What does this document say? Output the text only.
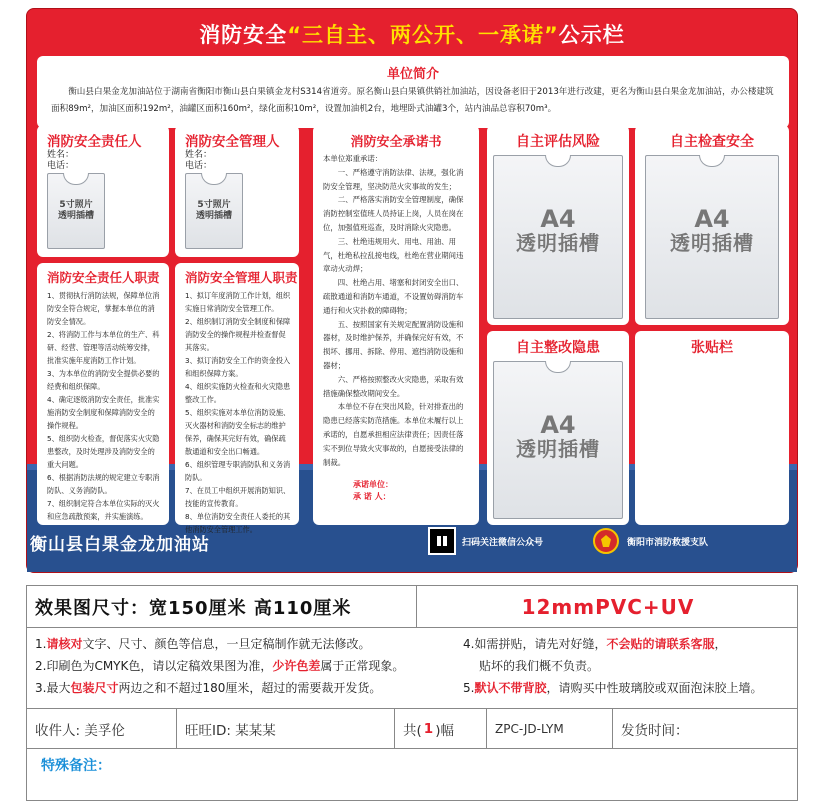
消防安全“三自主、两公开、一承诺”公示栏
单位简介
衡山县白果金龙加油站位于湖南省衡阳市衡山县白果镇金龙村S314省道旁。原名衡山县白果镇供销社加油站，因设备老旧于2013年进行改建，更名为衡山县白果金龙加油站，办公楼建筑面积89m²，加油区面积192m²，油罐区面积160m²，绿化面积10m²，设置加油机2台，地埋卧式油罐3个，站内油品总容积70m³。
消防安全责任人
姓名：
电话：
5寸照片
透明插槽
消防安全管理人
姓名：
电话：
5寸照片
透明插槽
消防安全责任人职责
1、贯彻执行消防法规，保障单位消防安全符合规定，掌握本单位的消防安全情况。
2、将消防工作与本单位的生产、科研、经营、管理等活动统筹安排，批准实施年度消防工作计划。
3、为本单位的消防安全提供必要的经费和组织保障。
4、确定逐级消防安全责任，批准实施消防安全制度和保障消防安全的操作规程。
5、组织防火检查，督促落实火灾隐患整改，及时处理涉及消防安全的重大问题。
6、根据消防法规的规定建立专职消防队、义务消防队。
7、组织制定符合本单位实际的灭火和应急疏散预案，并实施演练。
消防安全管理人职责
1、拟订年度消防工作计划，组织实施日常消防安全管理工作。
2、组织制订消防安全制度和保障消防安全的操作规程并检查督促其落实。
3、拟订消防安全工作的资金投入和组织保障方案。
4、组织实施防火检查和火灾隐患整改工作。
5、组织实施对本单位消防设施、灭火器材和消防安全标志的维护保养，确保其完好有效，确保疏散通道和安全出口畅通。
6、组织管理专职消防队和义务消防队。
7、在员工中组织开展消防知识、技能的宣传教育。
8、单位消防安全责任人委托的其他消防安全管理工作。
消防安全承诺书
本单位郑重承诺：
一、严格遵守消防法律、法规，强化消防安全管理，坚决防范火灾事故的发生；
二、严格落实消防安全管理制度，确保消防控制室值班人员持证上岗，人员在岗在位，加强值班巡查，及时消除火灾隐患。
三、杜绝违规用火、用电、用油、用气，杜绝私拉乱接电线，杜绝在营业期间违章动火动焊；
四、杜绝占用、堵塞和封闭安全出口、疏散通道和消防车通道，不设置妨碍消防车通行和火灾扑救的障碍物；
五、按照国家有关规定配置消防设施和器材，及时维护保养，并确保完好有效，不损坏、挪用、拆除、停用、遮挡消防设施和器材；
六、严格按照整改火灾隐患，采取有效措施确保整改期间安全。
本单位不存在突出风险，针对排查出的隐患已经落实防范措施。本单位未履行以上承诺的，自愿承担相应法律责任；因责任落实不到位导致火灾事故的，自愿接受法律的制裁。
承诺单位：
承 诺 人：
自主评估风险
A4
透明插槽
自主检查安全
A4
透明插槽
自主整改隐患
A4
透明插槽
张贴栏
衡山县白果金龙加油站	扫码关注微信公众号	衡阳市消防救援支队
效果图尺寸：宽150厘米 高110厘米	12mmPVC+UV
1.请核对文字、尺寸、颜色等信息，一旦定稿制作就无法修改。
2.印刷色为CMYK色，请以定稿效果图为准，少许色差属于正常现象。
3.最大包装尺寸两边之和不超过180厘米，超过的需要裁开发货。
4.如需拼贴，请先对好缝，不会贴的请联系客服，
贴坏的我们概不负责。
5.默认不带背胶，请购买中性玻璃胶或双面泡沫胶上墙。
收件人: 美孚伦	旺旺ID: 某某某	共( 1 )幅	ZPC-JD-LYM	发货时间：
特殊备注：
